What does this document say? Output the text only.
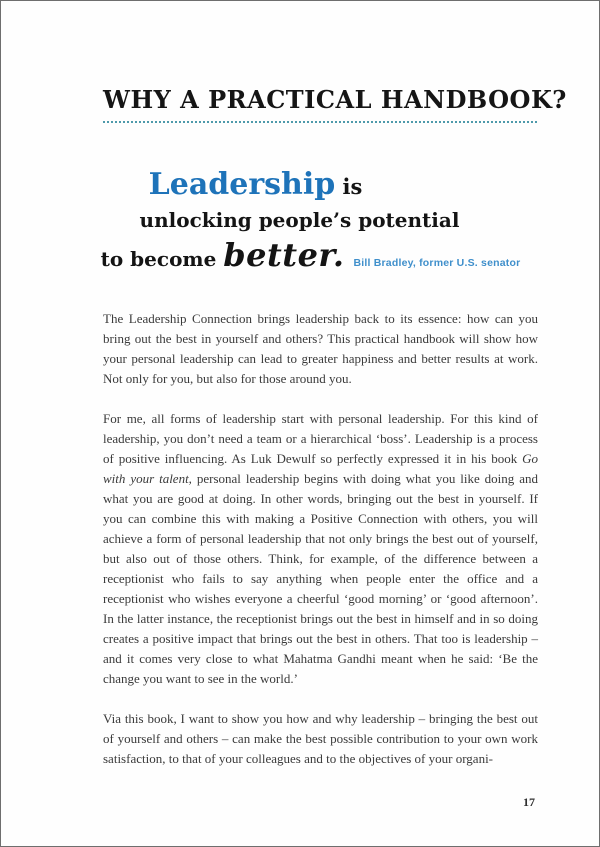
WHY A PRACTICAL HANDBOOK?
Leadership is
unlocking people’s potential
to become better. Bill Bradley, former U.S. senator

The Leadership Connection brings leadership back to its essence: how can you bring out the best in yourself and others? This practical handbook will show how your personal leadership can lead to greater happiness and better results at work. Not only for you, but also for those around you.

For me, all forms of leadership start with personal leadership. For this kind of leadership, you don’t need a team or a hierarchical ‘boss’. Leadership is a process of positive influencing. As Luk Dewulf so perfectly expressed it in his book Go with your talent, personal leadership begins with doing what you like doing and what you are good at doing. In other words, bringing out the best in yourself. If you can combine this with making a Positive Connection with others, you will achieve a form of personal leadership that not only brings the best out of yourself, but also out of those others. Think, for example, of the difference between a receptionist who fails to say anything when people enter the office and a receptionist who wishes everyone a cheerful ‘good morning’ or ‘good afternoon’. In the latter instance, the receptionist brings out the best in himself and in so doing creates a positive impact that brings out the best in others. That too is leadership – and it comes very close to what Mahatma Gandhi meant when he said: ‘Be the change you want to see in the world.’

Via this book, I want to show you how and why leadership – bringing the best out of yourself and others – can make the best possible contribution to your own work satisfaction, to that of your colleagues and to the objectives of your organi-

17
